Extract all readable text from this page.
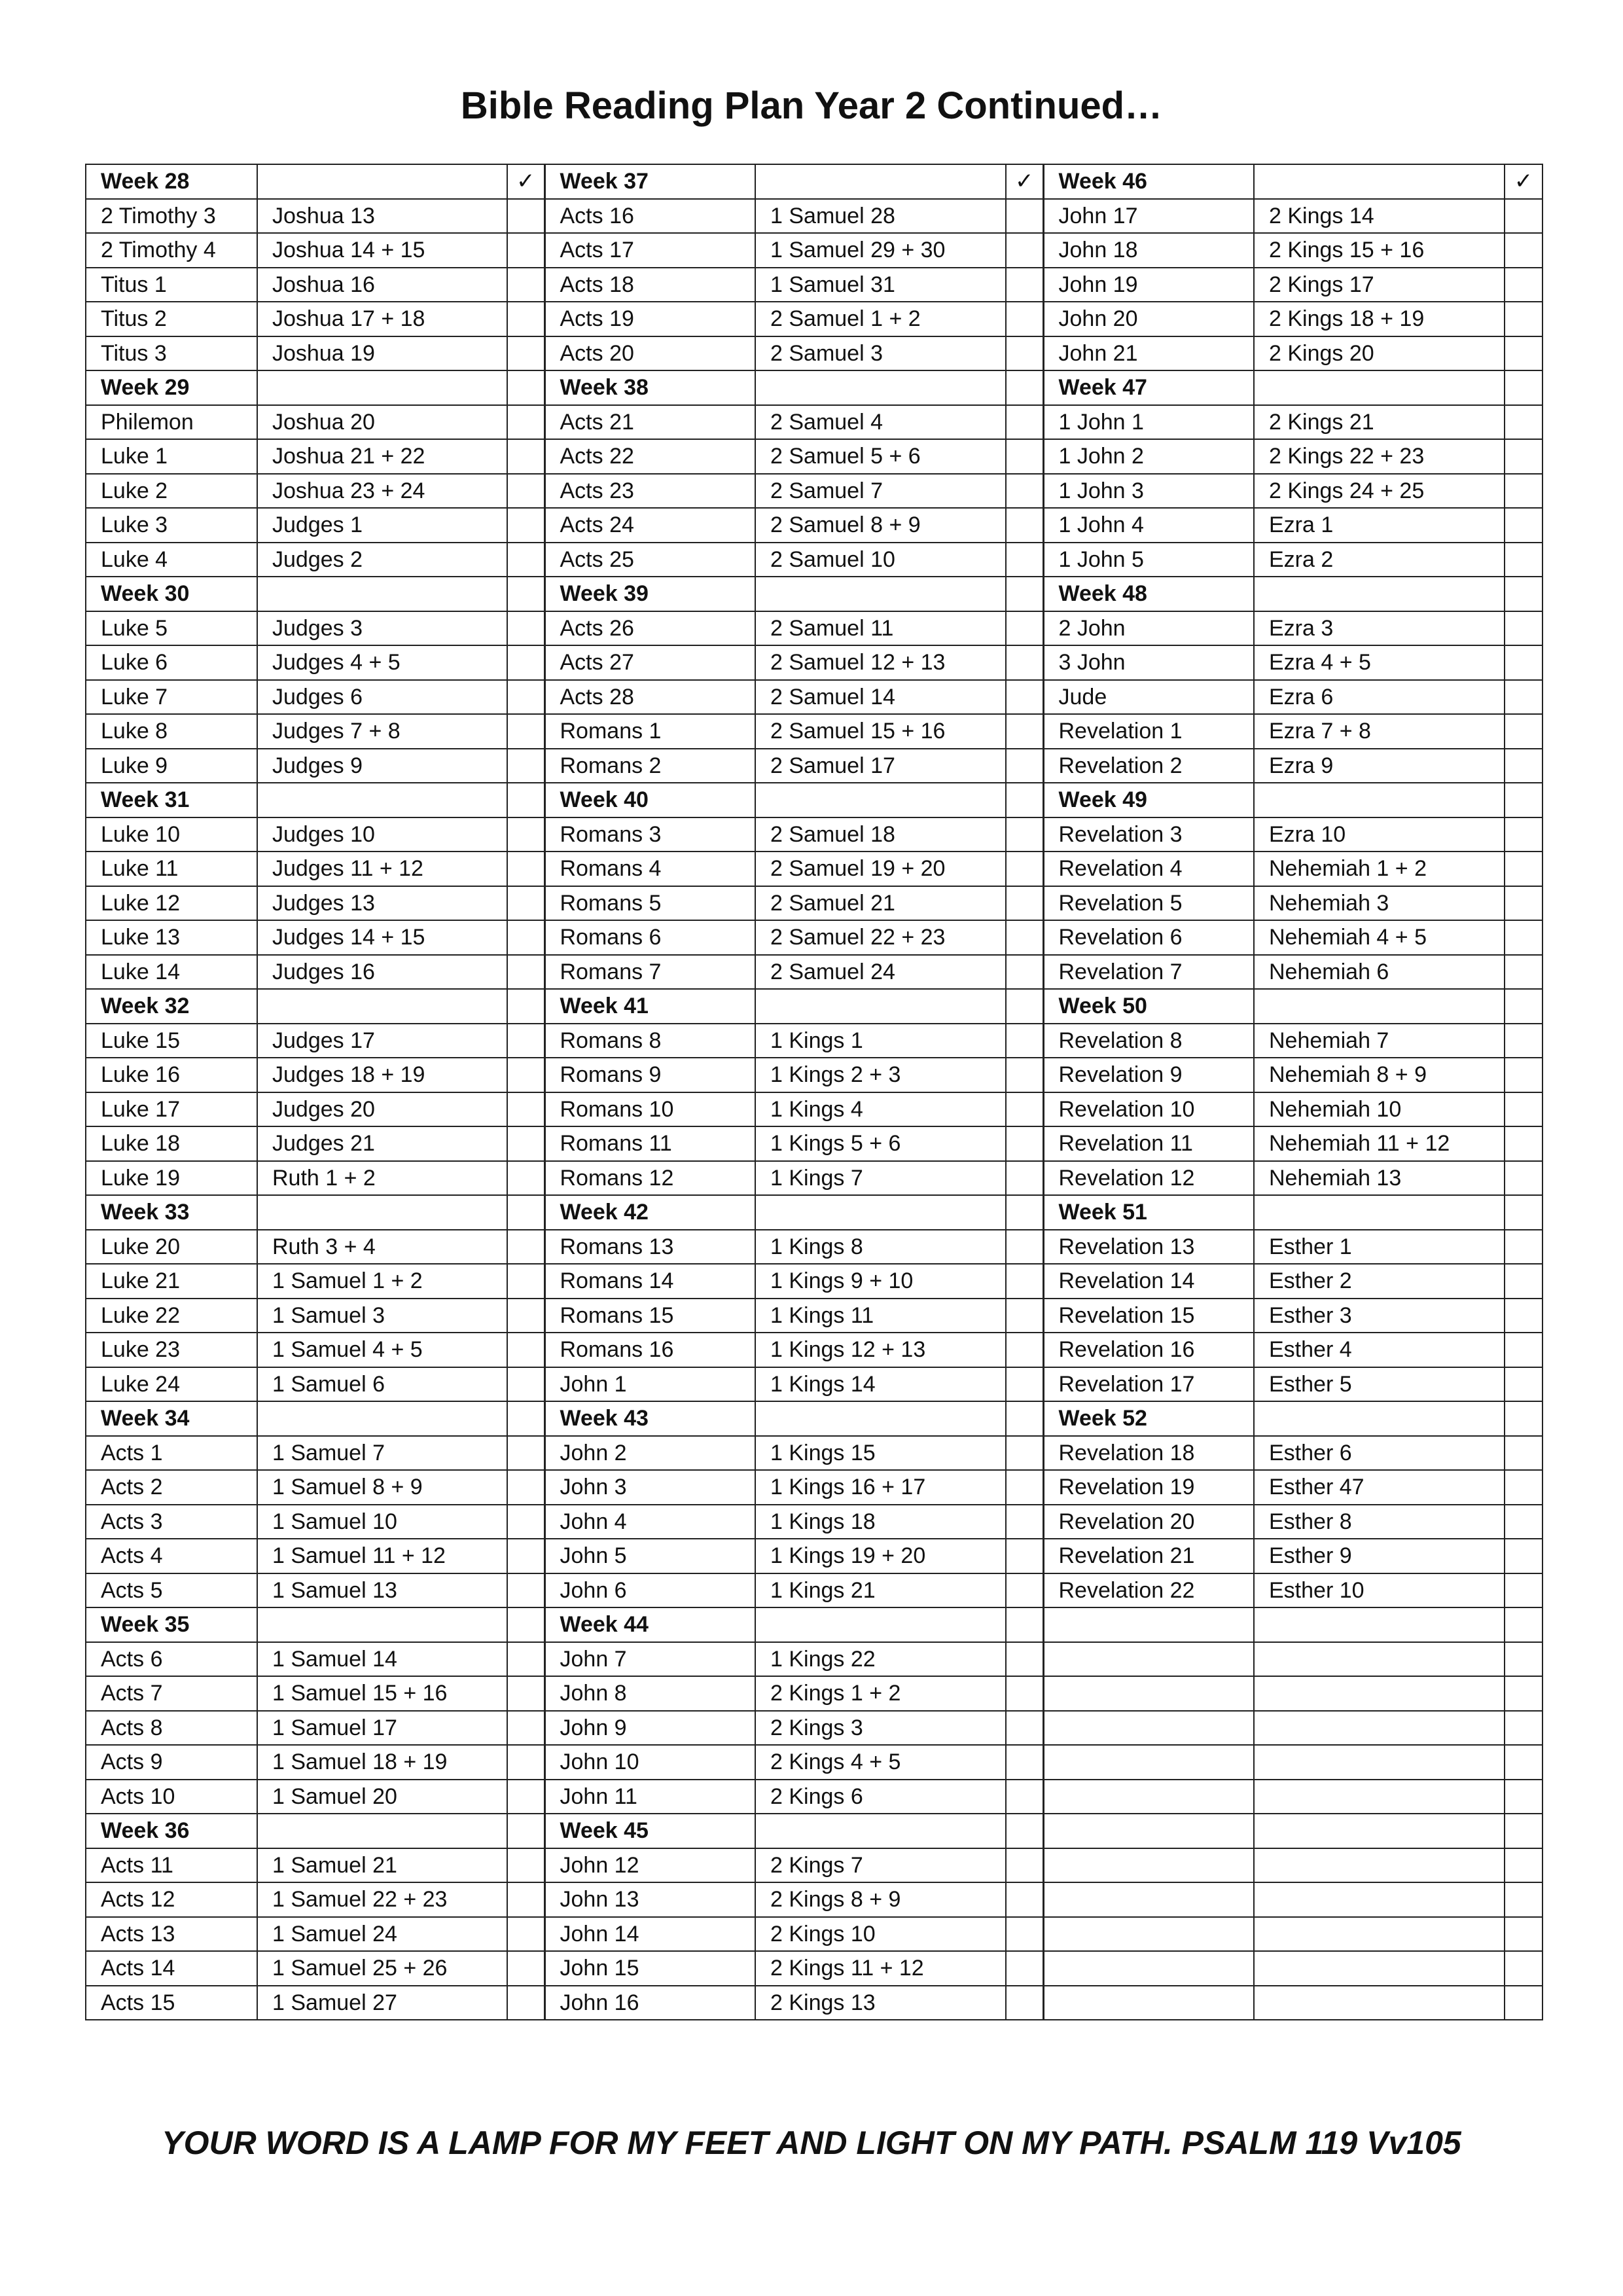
Bible Reading Plan Year 2 Continued…
Week 28		✓	Week 37		✓	Week 46		✓
2 Timothy 3	Joshua 13		Acts 16	1 Samuel 28		John 17	2 Kings 14	
2 Timothy 4	Joshua 14 + 15		Acts 17	1 Samuel 29 + 30		John 18	2 Kings 15 + 16	
Titus 1	Joshua 16		Acts 18	1 Samuel 31		John 19	2 Kings 17	
Titus 2	Joshua 17 + 18		Acts 19	2 Samuel 1 + 2		John 20	2 Kings 18 + 19	
Titus 3	Joshua 19		Acts 20	2 Samuel 3		John 21	2 Kings 20	
Week 29			Week 38			Week 47		
Philemon	Joshua 20		Acts 21	2 Samuel 4		1 John 1	2 Kings 21	
Luke 1	Joshua 21 + 22		Acts 22	2 Samuel 5 + 6		1 John 2	2 Kings 22 + 23	
Luke 2	Joshua 23 + 24		Acts 23	2 Samuel 7		1 John 3	2 Kings 24 + 25	
Luke 3	Judges 1		Acts 24	2 Samuel 8 + 9		1 John 4	Ezra 1	
Luke 4	Judges 2		Acts 25	2 Samuel 10		1 John 5	Ezra 2	
Week 30			Week 39			Week 48		
Luke 5	Judges 3		Acts 26	2 Samuel 11		2 John	Ezra 3	
Luke 6	Judges 4 + 5		Acts 27	2 Samuel 12 + 13		3 John	Ezra 4 + 5	
Luke 7	Judges 6		Acts 28	2 Samuel 14		Jude	Ezra 6	
Luke 8	Judges 7 + 8		Romans 1	2 Samuel 15 + 16		Revelation 1	Ezra 7 + 8	
Luke 9	Judges 9		Romans 2	2 Samuel 17		Revelation 2	Ezra 9	
Week 31			Week 40			Week 49		
Luke 10	Judges 10		Romans 3	2 Samuel 18		Revelation 3	Ezra 10	
Luke 11	Judges 11 + 12		Romans 4	2 Samuel 19 + 20		Revelation 4	Nehemiah 1 + 2	
Luke 12	Judges 13		Romans 5	2 Samuel 21		Revelation 5	Nehemiah 3	
Luke 13	Judges 14 + 15		Romans 6	2 Samuel 22 + 23		Revelation 6	Nehemiah 4 + 5	
Luke 14	Judges 16		Romans 7	2 Samuel 24		Revelation 7	Nehemiah 6	
Week 32			Week 41			Week 50		
Luke 15	Judges 17		Romans 8	1 Kings 1		Revelation 8	Nehemiah 7	
Luke 16	Judges 18 + 19		Romans 9	1 Kings 2 + 3		Revelation 9	Nehemiah 8 + 9	
Luke 17	Judges 20		Romans 10	1 Kings 4		Revelation 10	Nehemiah 10	
Luke 18	Judges 21		Romans 11	1 Kings 5 + 6		Revelation 11	Nehemiah 11 + 12	
Luke 19	Ruth 1 + 2		Romans 12	1 Kings 7		Revelation 12	Nehemiah 13	
Week 33			Week 42			Week 51		
Luke 20	Ruth 3 + 4		Romans 13	1 Kings 8		Revelation 13	Esther 1	
Luke 21	1 Samuel 1 + 2		Romans 14	1 Kings 9 + 10		Revelation 14	Esther 2	
Luke 22	1 Samuel 3		Romans 15	1 Kings 11		Revelation 15	Esther 3	
Luke 23	1 Samuel 4 + 5		Romans 16	1 Kings 12 + 13		Revelation 16	Esther 4	
Luke 24	1 Samuel 6		John 1	1 Kings 14		Revelation 17	Esther 5	
Week 34			Week 43			Week 52		
Acts 1	1 Samuel 7		John 2	1 Kings 15		Revelation 18	Esther 6	
Acts 2	1 Samuel 8 + 9		John 3	1 Kings 16 + 17		Revelation 19	Esther 47	
Acts 3	1 Samuel 10		John 4	1 Kings 18		Revelation 20	Esther 8	
Acts 4	1 Samuel 11 + 12		John 5	1 Kings 19 + 20		Revelation 21	Esther 9	
Acts 5	1 Samuel 13		John 6	1 Kings 21		Revelation 22	Esther 10	
Week 35			Week 44					
Acts 6	1 Samuel 14		John 7	1 Kings 22				
Acts 7	1 Samuel 15 + 16		John 8	2 Kings 1 + 2				
Acts 8	1 Samuel 17		John 9	2 Kings 3				
Acts 9	1 Samuel 18 + 19		John 10	2 Kings 4 + 5				
Acts 10	1 Samuel 20		John 11	2 Kings 6				
Week 36			Week 45					
Acts 11	1 Samuel 21		John 12	2 Kings 7				
Acts 12	1 Samuel 22 + 23		John 13	2 Kings 8 + 9				
Acts 13	1 Samuel 24		John 14	2 Kings 10				
Acts 14	1 Samuel 25 + 26		John 15	2 Kings 11 + 12				
Acts 15	1 Samuel 27		John 16	2 Kings 13				

YOUR WORD IS A LAMP FOR MY FEET AND LIGHT ON MY PATH. PSALM 119 Vv105
